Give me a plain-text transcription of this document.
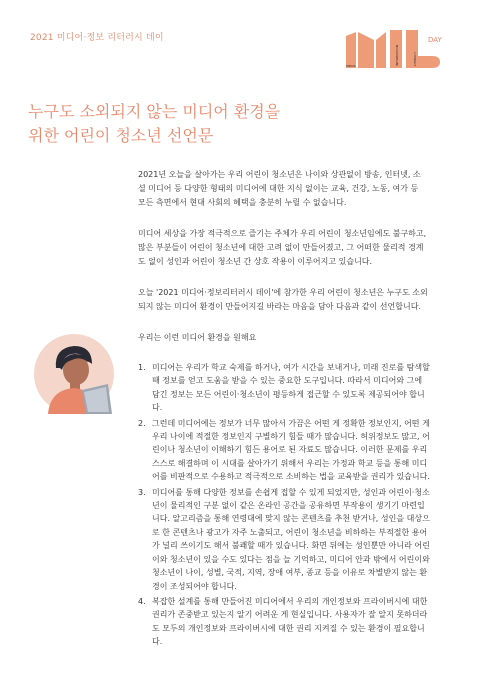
2021 미디어·정보 리터러시 데이
MEDIA	INFORMATION	LITERACY
DAY
누구도 소외되지 않는 미디어 환경을
위한 어린이 청소년 선언문

2021년 오늘을 살아가는 우리 어린이 청소년은 나이와 상관없이 방송, 인터넷, 소셜 미디어 등 다양한 형태의 미디어에 대한 지식 없이는 교육, 건강, 노동, 여가 등 모든 측면에서 현대 사회의 혜택을 충분히 누릴 수 없습니다.

미디어 세상을 가장 적극적으로 즐기는 주체가 우리 어린이 청소년임에도 불구하고, 많은 부분들이 어린이 청소년에 대한 고려 없이 만들어졌고, 그 어떠한 물리적 경계도 없이 성인과 어린이 청소년 간 상호 작용이 이루어지고 있습니다.

오늘 '2021 미디어·정보리터러시 데이'에 참가한 우리 어린이 청소년은 누구도 소외되지 않는 미디어 환경이 만들어지길 바라는 마음을 담아 다음과 같이 선언합니다.

우리는 이런 미디어 환경을 원해요
1. 미디어는 우리가 학교 숙제를 하거나, 여가 시간을 보내거나, 미래 진로를 탐색할 때 정보를 얻고 도움을 받을 수 있는 중요한 도구입니다. 따라서 미디어와 그에 담긴 정보는 모든 어린이·청소년이 평등하게 접근할 수 있도록 제공되어야 합니다.
2. 그런데 미디어에는 정보가 너무 많아서 가끔은 어떤 게 정확한 정보인지, 어떤 게 우리 나이에 적절한 정보인지 구별하기 힘들 때가 많습니다. 허위정보도 많고, 어린이나 청소년이 이해하기 힘든 용어로 된 자료도 많습니다. 이러한 문제를 우리 스스로 해결하며 이 시대를 살아가기 위해서 우리는 가정과 학교 등을 통해 미디어를 비판적으로 수용하고 적극적으로 소비하는 법을 교육받을 권리가 있습니다.
3. 미디어를 통해 다양한 정보를 손쉽게 접할 수 있게 되었지만, 성인과 어린이·청소년이 물리적인 구분 없이 같은 온라인 공간을 공유하면 부작용이 생기기 마련입니다. 알고리즘을 통해 연령대에 맞지 않는 콘텐츠를 추천 받거나, 성인을 대상으로 한 콘텐츠나 광고가 자주 노출되고, 어린이 청소년을 비하하는 부적절한 용어가 널리 쓰이기도 해서 불쾌할 때가 있습니다. 화면 뒤에는 성인뿐만 아니라 어린이와 청소년이 있을 수도 있다는 점을 늘 기억하고, 미디어 안과 밖에서 어린이와 청소년이 나이, 성별, 국적, 지역, 장애 여부, 종교 등을 이유로 차별받지 않는 환경이 조성되어야 합니다.
4. 복잡한 설계를 통해 만들어진 미디어에서 우리의 개인정보와 프라이버시에 대한 권리가 존중받고 있는지 알기 어려운 게 현실입니다. 사용자가 잘 알지 못하더라도 모두의 개인정보와 프라이버시에 대한 권리 지켜질 수 있는 환경이 필요합니다.
